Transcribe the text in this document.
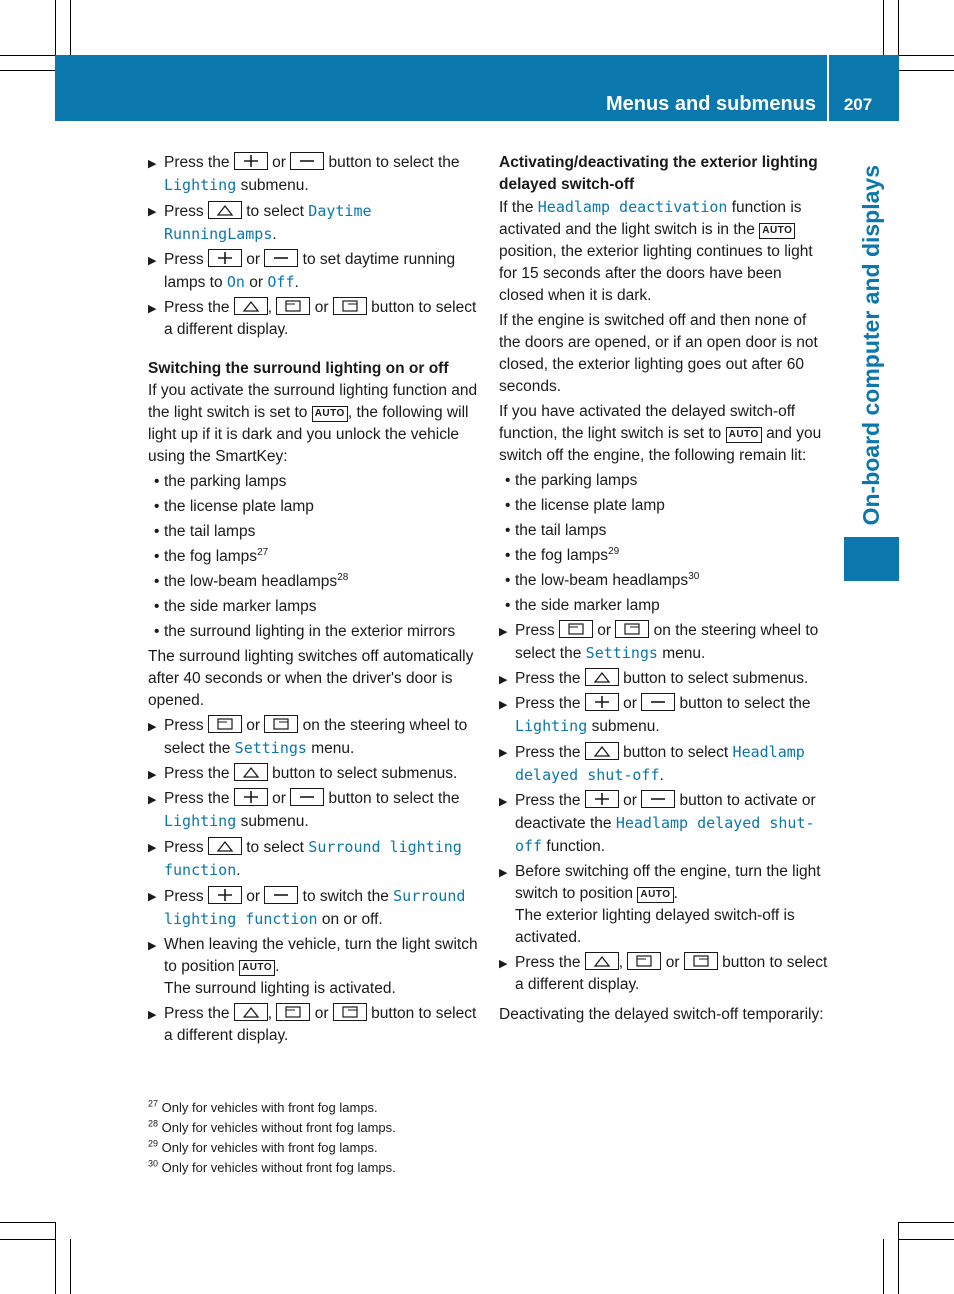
Menus and submenus	207
On-board computer and displays
▶ Press the	or	button to select the Lighting submenu.
▶ Press	to select Daytime RunningLamps.
▶ Press	or	to set daytime running lamps to On or Off.
▶ Press the ,	or	button to select a different display.
Switching the surround lighting on or off

If you activate the surround lighting function and the light switch is set to AUTO , the following will light up if it is dark and you unlock the vehicle using the SmartKey:

• the parking lamps
• the license plate lamp
• the tail lamps
• the fog lamps$^{27}$
• the low-beam headlamps$^{28}$
• the side marker lamps
• the surround lighting in the exterior mirrors

The surround lighting switches off automatically after 40 seconds or when the driver's door is opened.

▶ Press	or	on the steering wheel to select the Settings menu.
▶ Press the	button to select submenus.
▶ Press the	or	button to select the Lighting submenu.
▶ Press	to select Surround lighting function.
▶ Press	or	to switch the Surround lighting function on or off.
▶ When leaving the vehicle, turn the light switch to position AUTO .
The surround lighting is activated.
▶ Press the ,	or	button to select a different display.
Activating/deactivating the exterior lighting delayed switch-off

If the Headlamp deactivation function is activated and the light switch is in the AUTO position, the exterior lighting continues to light for 15 seconds after the doors have been closed when it is dark.

If the engine is switched off and then none of the doors are opened, or if an open door is not closed, the exterior lighting goes out after 60 seconds.

If you have activated the delayed switch-off function, the light switch is set to AUTO and you switch off the engine, the following remain lit:

• the parking lamps
• the license plate lamp
• the tail lamps
• the fog lamps$^{29}$
• the low-beam headlamps$^{30}$
• the side marker lamp
▶ Press	or	on the steering wheel to select the Settings menu.
▶ Press the	button to select submenus.
▶ Press the	or	button to select the Lighting submenu.
▶ Press the	button to select Headlamp delayed shut-off.
▶ Press the	or	button to activate or deactivate the Headlamp delayed shut-off function.
▶ Before switching off the engine, turn the light switch to position AUTO .
The exterior lighting delayed switch-off is activated.
▶ Press the ,	or	button to select a different display.

Deactivating the delayed switch-off temporarily:

$^{27}$ Only for vehicles with front fog lamps.
$^{28}$ Only for vehicles without front fog lamps.
$^{29}$ Only for vehicles with front fog lamps.
$^{30}$ Only for vehicles without front fog lamps.
